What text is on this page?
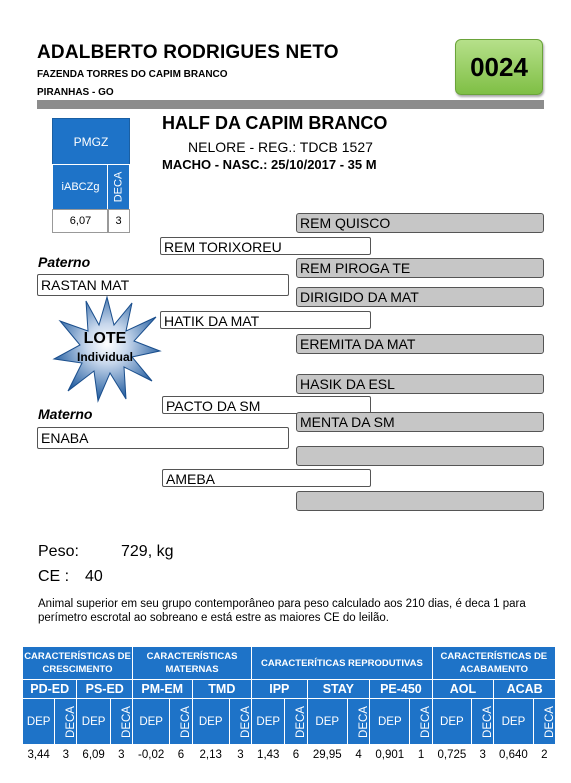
ADALBERTO RODRIGUES NETO
FAZENDA TORRES DO CAPIM BRANCO
PIRANHAS - GO
0024
PMGZ
iABCZg	DECA
6,07	3
HALF DA CAPIM BRANCO
NELORE - REG.: TDCB 1527
MACHO - NASC.: 25/10/2017 - 35 M
REM QUISCO
REM TORIXOREU
Paterno	REM PIROGA TE
RASTAN MAT
DIRIGIDO DA MAT
HATIK DA MAT
EREMITA DA MAT
HASIK DA ESL
PACTO DA SM
Materno	MENTA DA SM
ENABA
AMEBA
LOTE
Individual
Peso:	729, kg
CE : 40
Animal superior em seu grupo contemporâneo para peso calculado aos 210 dias, é deca 1 para perímetro escrotal ao sobreano e está estre as maiores CE do leilão.
CARACTERÍSTICAS DE CRESCIMENTO				CARACTERÍSTICAS MATERNAS				CARACTERÍTICAS REPRODUTIVAS						CARACTERÍSTICAS DE ACABAMENTO			
PD-ED		PS-ED		PM-EM		TMD		IPP		STAY		PE-450		AOL		ACAB	
DEP	DECA	DEP	DECA	DEP	DECA	DEP	DECA	DEP	DECA	DEP	DECA	DEP	DECA	DEP	DECA	DEP	DECA
3,44	3	6,09	3	-0,02	6	2,13	3	1,43	6	29,95	4	0,901	1	0,725	3	0,640	2
